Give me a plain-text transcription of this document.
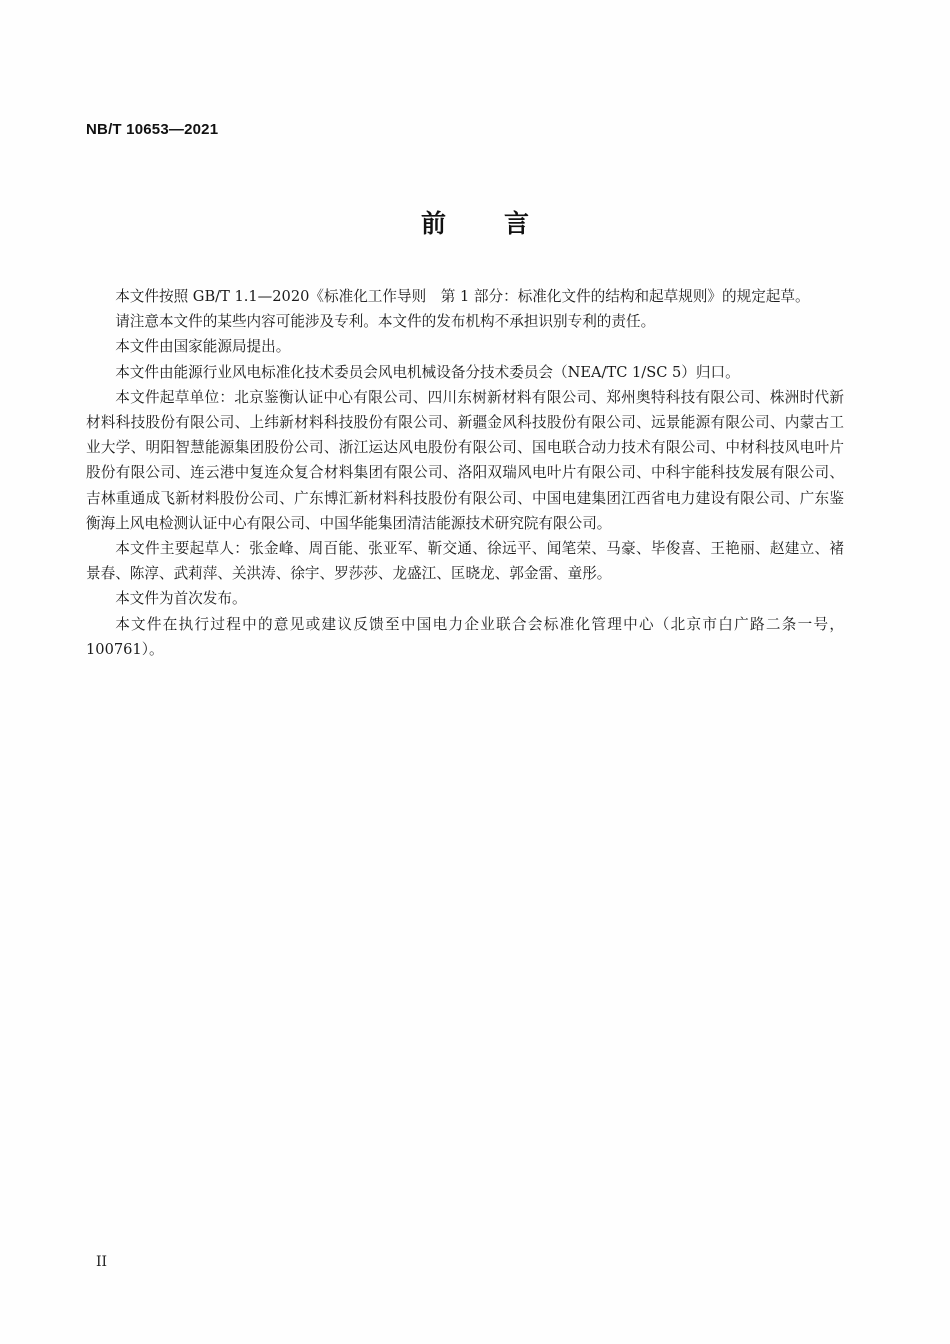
NB/T 10653—2021
前言

本文件按照 GB/T 1.1—2020《标准化工作导则　第 1 部分：标准化文件的结构和起草规则》的规定起草。

请注意本文件的某些内容可能涉及专利。本文件的发布机构不承担识别专利的责任。

本文件由国家能源局提出。

本文件由能源行业风电标准化技术委员会风电机械设备分技术委员会（NEA/TC 1/SC 5）归口。

本文件起草单位：北京鉴衡认证中心有限公司、四川东树新材料有限公司、郑州奥特科技有限公司、株洲时代新材料科技股份有限公司、上纬新材料科技股份有限公司、新疆金风科技股份有限公司、远景能源有限公司、内蒙古工业大学、明阳智慧能源集团股份公司、浙江运达风电股份有限公司、国电联合动力技术有限公司、中材科技风电叶片股份有限公司、连云港中复连众复合材料集团有限公司、洛阳双瑞风电叶片有限公司、中科宇能科技发展有限公司、吉林重通成飞新材料股份公司、广东博汇新材料科技股份有限公司、中国电建集团江西省电力建设有限公司、广东鉴衡海上风电检测认证中心有限公司、中国华能集团清洁能源技术研究院有限公司。

本文件主要起草人：张金峰、周百能、张亚军、靳交通、徐远平、闻笔荣、马豪、毕俊喜、王艳丽、赵建立、褚景春、陈淳、武莉萍、关洪涛、徐宇、罗莎莎、龙盛江、匡晓龙、郭金雷、童彤。

本文件为首次发布。

本文件在执行过程中的意见或建议反馈至中国电力企业联合会标准化管理中心（北京市白广路二条一号，100761）。

II
